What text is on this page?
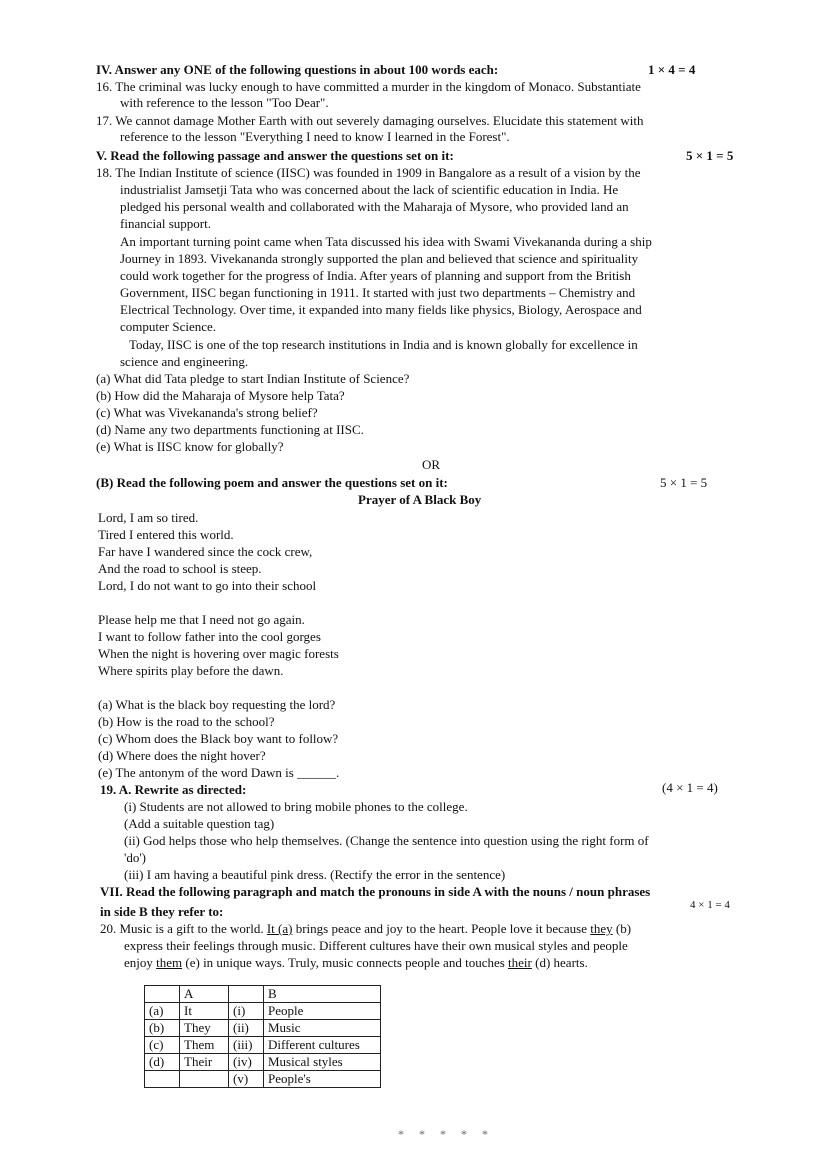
IV. Answer any ONE of the following questions in about 100 words each:	1 × 4 = 4
16. The criminal was lucky enough to have committed a murder in the kingdom of Monaco. Substantiate
with reference to the lesson "Too Dear".
17. We cannot damage Mother Earth with out severely damaging ourselves. Elucidate this statement with
reference to the lesson "Everything I need to know I learned in the Forest".
V. Read the following passage and answer the questions set on it:	5 × 1 = 5
18. The Indian Institute of science (IISC) was founded in 1909 in Bangalore as a result of a vision by the
industrialist Jamsetji Tata who was concerned about the lack of scientific education in India. He
pledged his personal wealth and collaborated with the Maharaja of Mysore, who provided land an
financial support.
An important turning point came when Tata discussed his idea with Swami Vivekananda during a ship
Journey in 1893. Vivekananda strongly supported the plan and believed that science and spirituality
could work together for the progress of India. After years of planning and support from the British
Government, IISC began functioning in 1911. It started with just two departments – Chemistry and
Electrical Technology. Over time, it expanded into many fields like physics, Biology, Aerospace and
computer Science.
Today, IISC is one of the top research institutions in India and is known globally for excellence in
science and engineering.
(a) What did Tata pledge to start Indian Institute of Science?
(b) How did the Maharaja of Mysore help Tata?
(c) What was Vivekananda's strong belief?
(d) Name any two departments functioning at IISC.
(e) What is IISC know for globally?
OR
(B) Read the following poem and answer the questions set on it:	5 × 1 = 5
Prayer of A Black Boy
Lord, I am so tired.
Tired I entered this world.
Far have I wandered since the cock crew,
And the road to school is steep.
Lord, I do not want to go into their school
Please help me that I need not go again.
I want to follow father into the cool gorges
When the night is hovering over magic forests
Where spirits play before the dawn.
(a) What is the black boy requesting the lord?
(b) How is the road to the school?
(c) Whom does the Black boy want to follow?
(d) Where does the night hover?
(e) The antonym of the word Dawn is ______.
19. A. Rewrite as directed:	(4 × 1 = 4)
(i) Students are not allowed to bring mobile phones to the college.
(Add a suitable question tag)
(ii) God helps those who help themselves. (Change the sentence into question using the right form of
'do')
(iii) I am having a beautiful pink dress. (Rectify the error in the sentence)
VII. Read the following paragraph and match the pronouns in side A with the nouns / noun phrases
4 × 1 = 4
in side B they refer to:
20. Music is a gift to the world. It (a) brings peace and joy to the heart. People love it because they (b)
express their feelings through music. Different cultures have their own musical styles and people
enjoy them (e) in unique ways. Truly, music connects people and touches their (d) hearts.
	A		B
(a)	It	(i)	People
(b)	They	(ii)	Music
(c)	Them	(iii)	Different cultures
(d)	Their	(iv)	Musical styles
		(v)	People's
* * * * *
